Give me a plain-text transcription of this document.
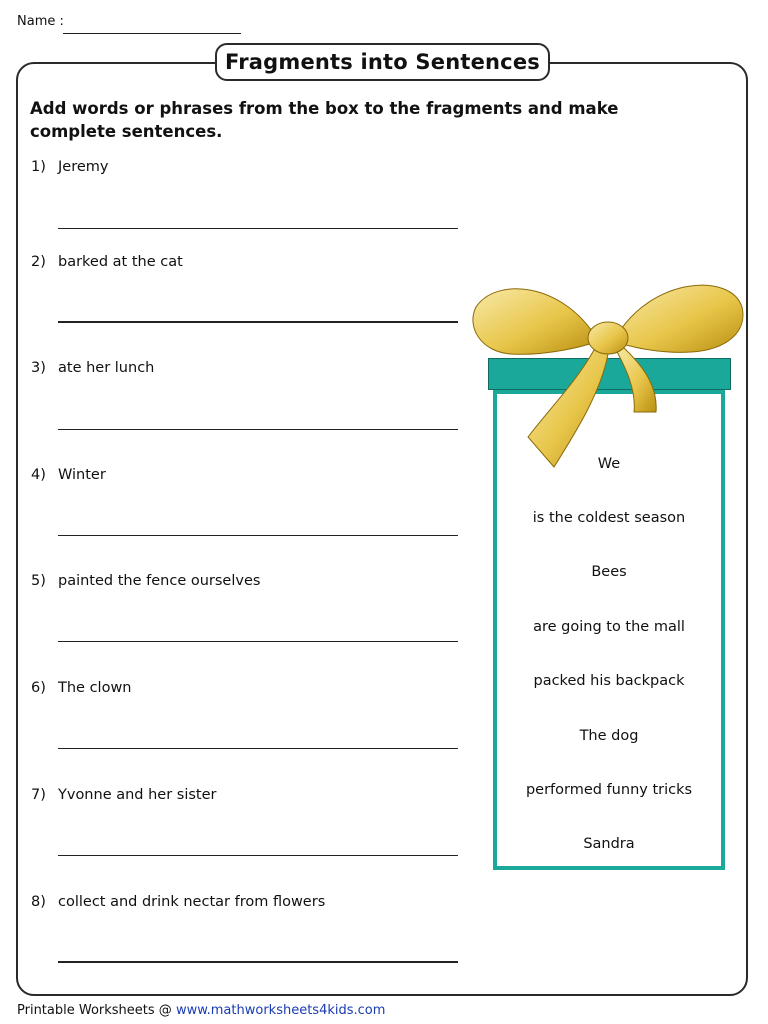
Name :
Fragments into Sentences
Add words or phrases from the box to the fragments and make complete sentences.
1) Jeremy
2) barked at the cat
3) ate her lunch
4) Winter
5) painted the fence ourselves
6) The clown
7) Yvonne and her sister
8) collect and drink nectar from flowers
We
is the coldest season
Bees
are going to the mall
packed his backpack
The dog
performed funny tricks
Sandra
Printable Worksheets @ www.mathworksheets4kids.com
